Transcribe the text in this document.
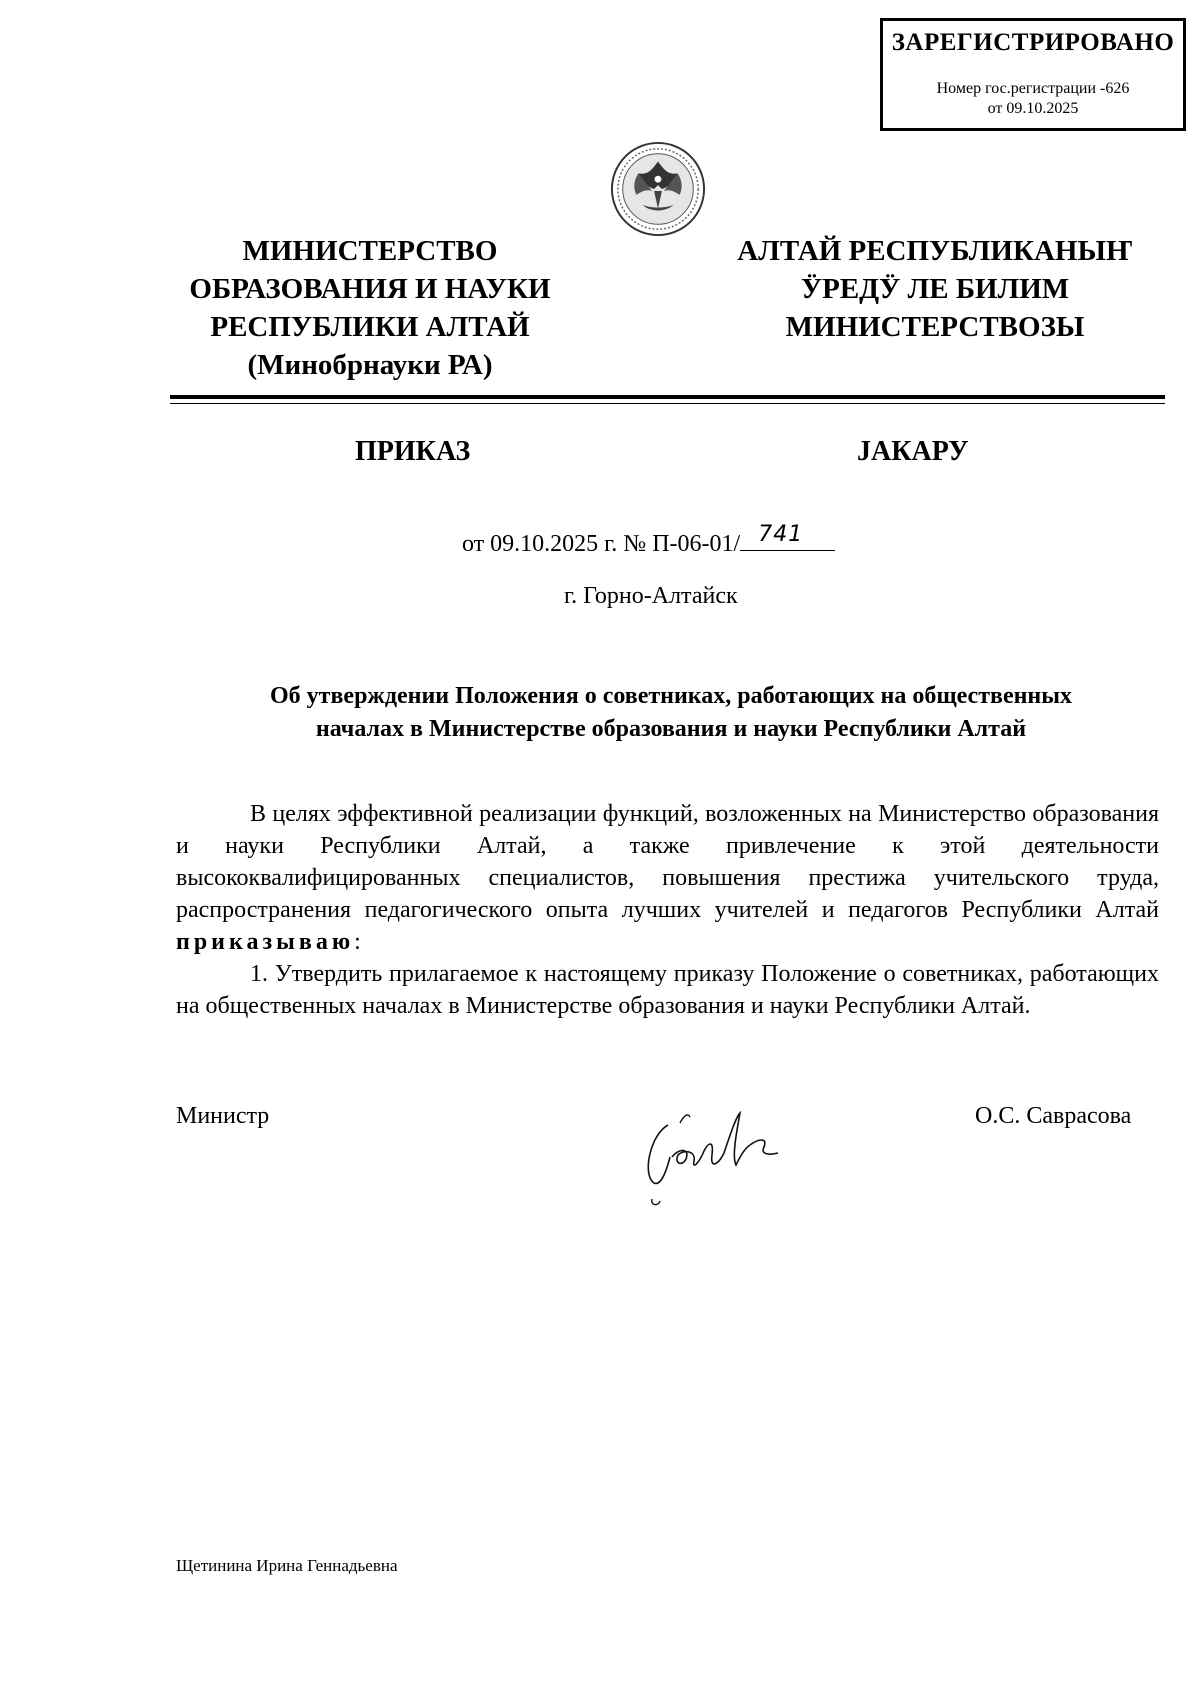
ЗАРЕГИСТРИРОВАНО
Номер гос.регистрации -626
от 09.10.2025
МИНИСТЕРСТВО
ОБРАЗОВАНИЯ И НАУКИ
РЕСПУБЛИКИ АЛТАЙ
(Минобрнауки РА)
АЛТАЙ РЕСПУБЛИКАНЫҤ
ӰРЕДӰ ЛЕ БИЛИМ
МИНИСТЕРСТВОЗЫ
ПРИКАЗ	JАКАРУ
от 09.10.2025 г. № П-06-01/ 741
г. Горно-Алтайск
Об утверждении Положения о советниках, работающих на общественных
началах в Министерстве образования и науки Республики Алтай

В целях эффективной реализации функций, возложенных на Министерство образования и науки Республики Алтай, а также привлечение к этой деятельности высококвалифицированных специалистов, повышения престижа учительского труда, распространения педагогического опыта лучших учителей и педагогов Республики Алтай приказываю:

1. Утвердить прилагаемое к настоящему приказу Положение о советниках, работающих на общественных началах в Министерстве образования и науки Республики Алтай.

Министр	О.С. Саврасова
Щетинина Ирина Геннадьевна
